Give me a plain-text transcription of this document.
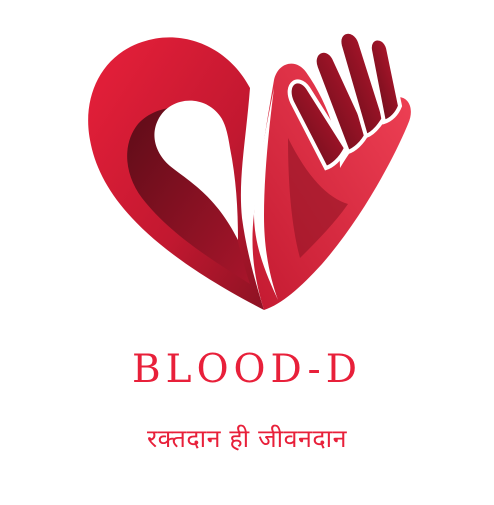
BLOOD-D
रक्तदान ही जीवनदान
